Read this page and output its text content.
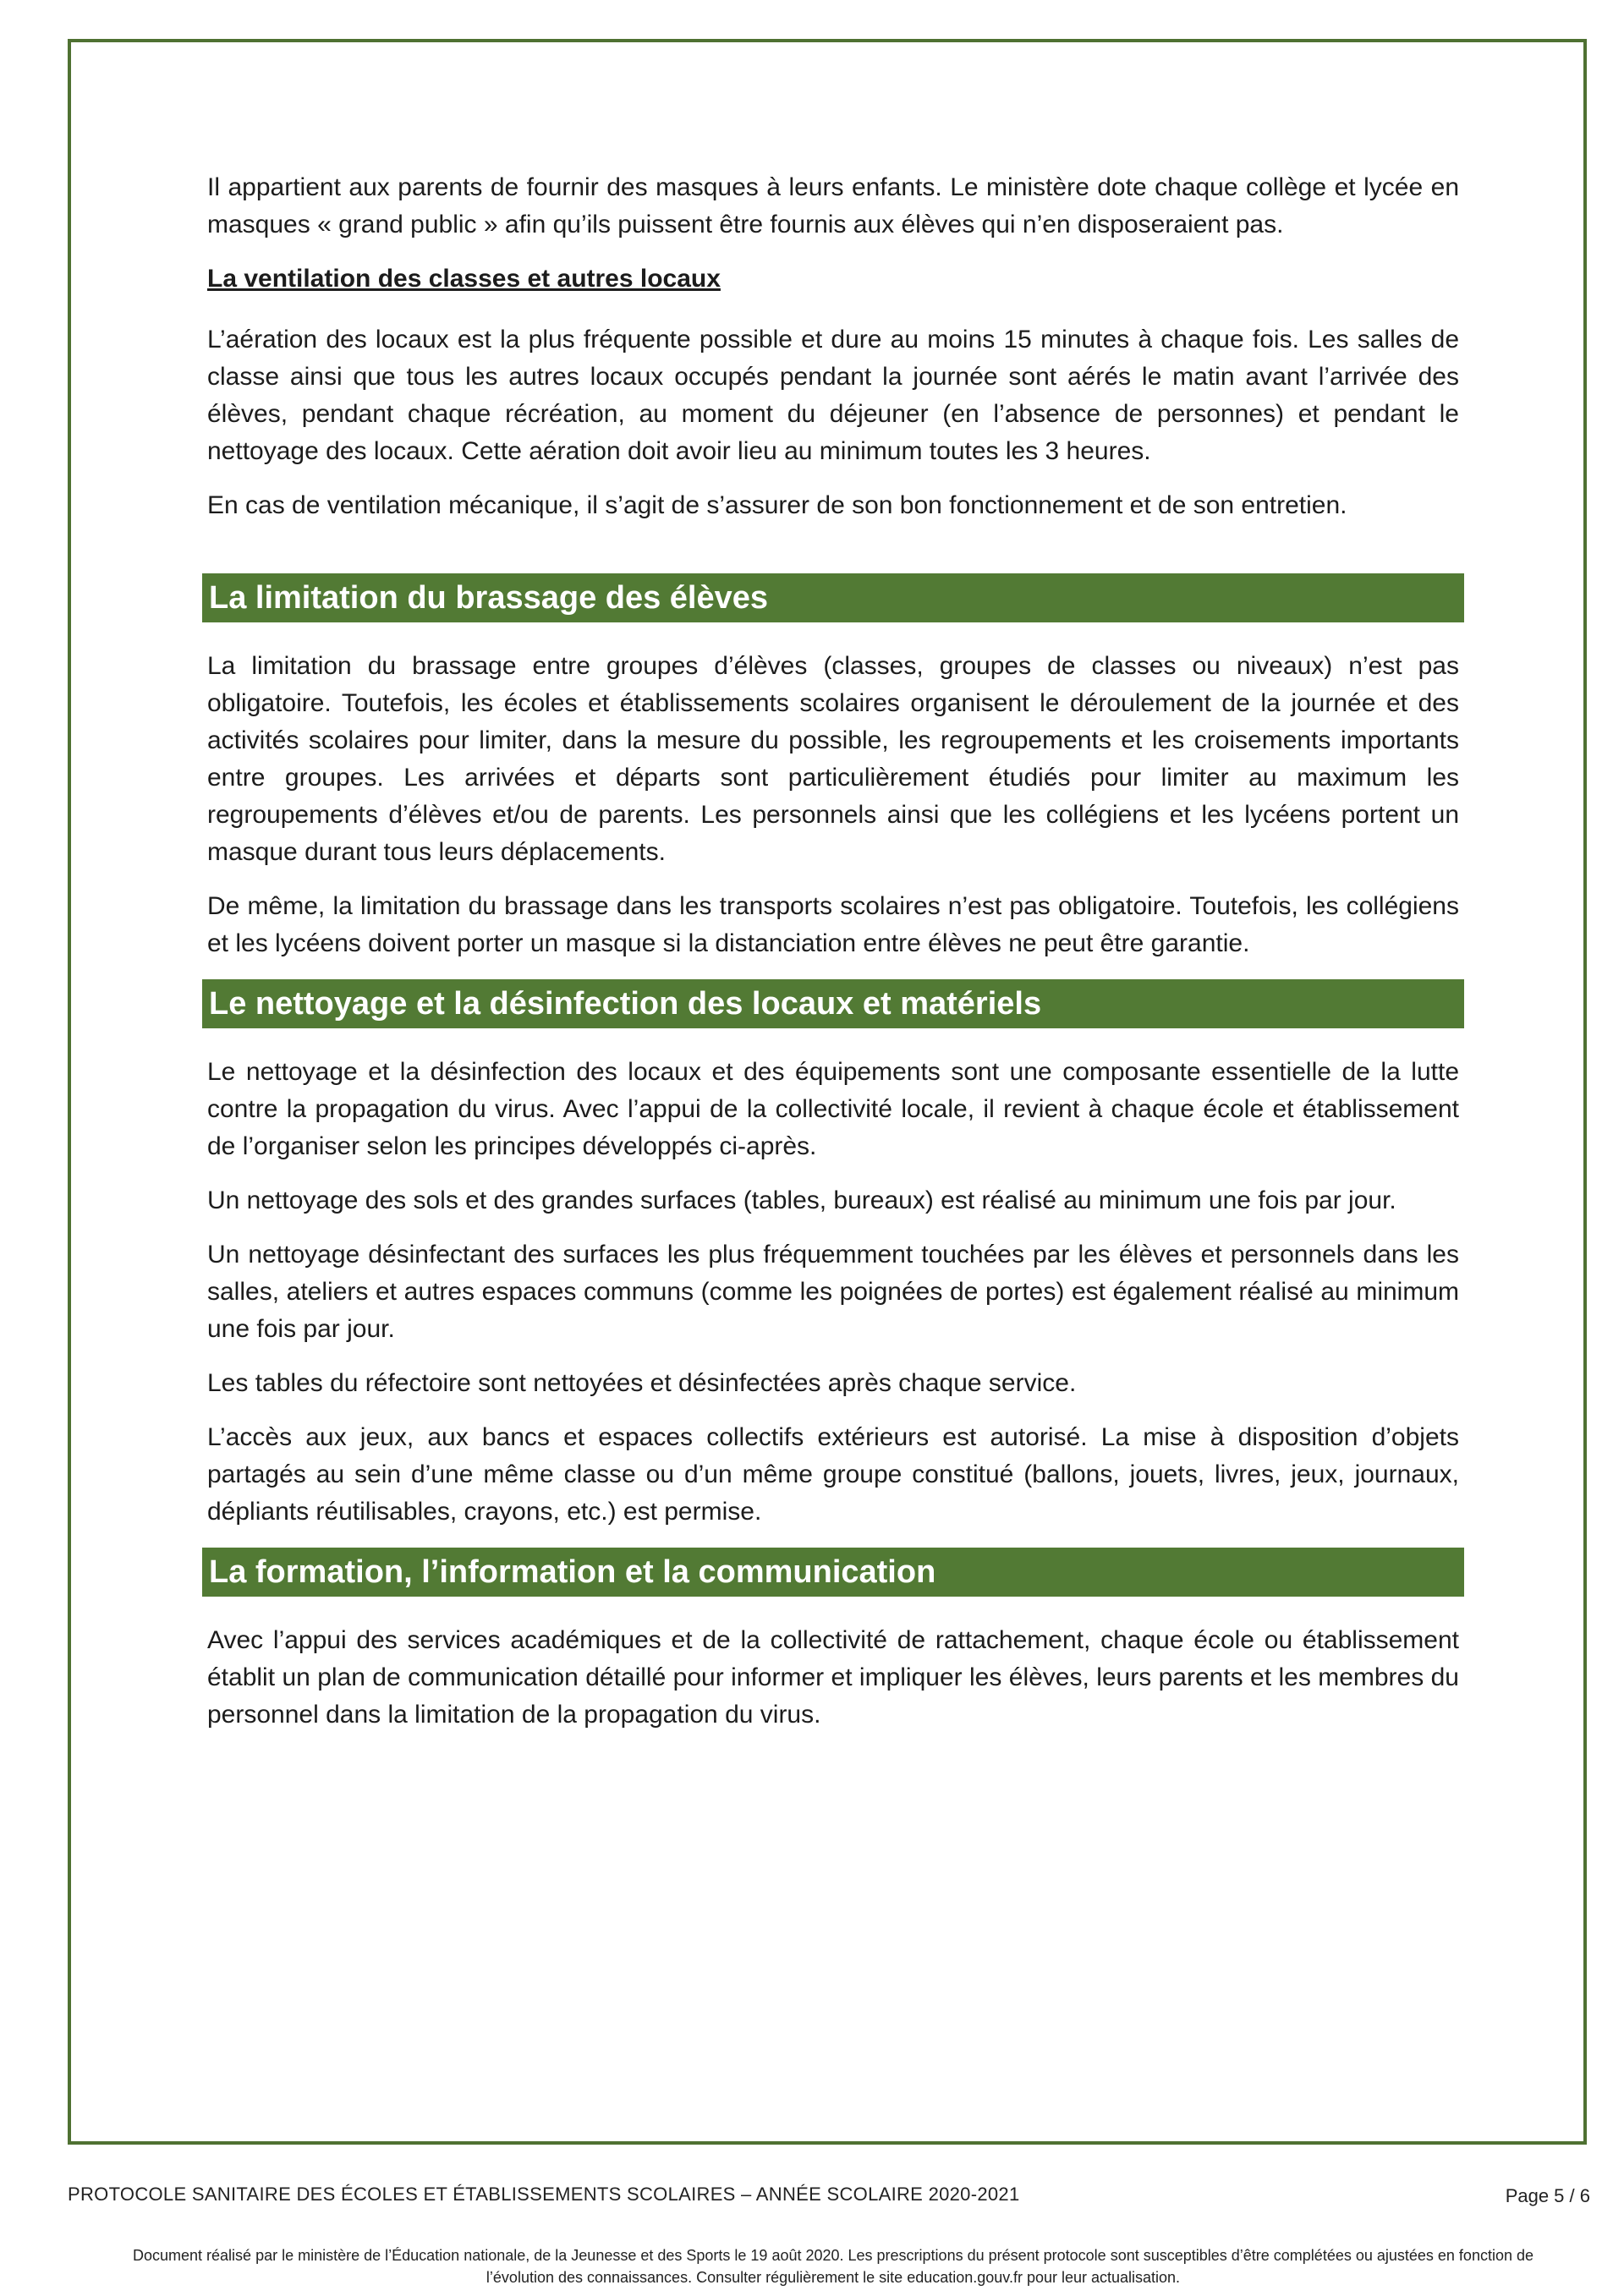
Il appartient aux parents de fournir des masques à leurs enfants. Le ministère dote chaque collège et lycée en masques « grand public » afin qu’ils puissent être fournis aux élèves qui n’en disposeraient pas.

La ventilation des classes et autres locaux

L’aération des locaux est la plus fréquente possible et dure au moins 15 minutes à chaque fois. Les salles de classe ainsi que tous les autres locaux occupés pendant la journée sont aérés le matin avant l’arrivée des élèves, pendant chaque récréation, au moment du déjeuner (en l’absence de personnes) et pendant le nettoyage des locaux. Cette aération doit avoir lieu au minimum toutes les 3 heures.

En cas de ventilation mécanique, il s’agit de s’assurer de son bon fonctionnement et de son entretien.

La limitation du brassage des élèves

La limitation du brassage entre groupes d’élèves (classes, groupes de classes ou niveaux) n’est pas obligatoire. Toutefois, les écoles et établissements scolaires organisent le déroulement de la journée et des activités scolaires pour limiter, dans la mesure du possible, les regroupements et les croisements importants entre groupes. Les arrivées et départs sont particulièrement étudiés pour limiter au maximum les regroupements d’élèves et/ou de parents. Les personnels ainsi que les collégiens et les lycéens portent un masque durant tous leurs déplacements.

De même, la limitation du brassage dans les transports scolaires n’est pas obligatoire. Toutefois, les collégiens et les lycéens doivent porter un masque si la distanciation entre élèves ne peut être garantie.

Le nettoyage et la désinfection des locaux et matériels

Le nettoyage et la désinfection des locaux et des équipements sont une composante essentielle de la lutte contre la propagation du virus. Avec l’appui de la collectivité locale, il revient à chaque école et établissement de l’organiser selon les principes développés ci-après.

Un nettoyage des sols et des grandes surfaces (tables, bureaux) est réalisé au minimum une fois par jour.

Un nettoyage désinfectant des surfaces les plus fréquemment touchées par les élèves et personnels dans les salles, ateliers et autres espaces communs (comme les poignées de portes) est également réalisé au minimum une fois par jour.

Les tables du réfectoire sont nettoyées et désinfectées après chaque service.

L’accès aux jeux, aux bancs et espaces collectifs extérieurs est autorisé. La mise à disposition d’objets partagés au sein d’une même classe ou d’un même groupe constitué (ballons, jouets, livres, jeux, journaux, dépliants réutilisables, crayons, etc.) est permise.

La formation, l’information et la communication

Avec l’appui des services académiques et de la collectivité de rattachement, chaque école ou établissement établit un plan de communication détaillé pour informer et impliquer les élèves, leurs parents et les membres du personnel dans la limitation de la propagation du virus.

PROTOCOLE SANITAIRE DES ÉCOLES ET ÉTABLISSEMENTS SCOLAIRES – ANNÉE SCOLAIRE 2020-2021	Page 5 / 6
Document réalisé par le ministère de l’Éducation nationale, de la Jeunesse et des Sports le 19 août 2020. Les prescriptions du présent protocole sont susceptibles d’être complétées ou ajustées en fonction de l’évolution des connaissances. Consulter régulièrement le site education.gouv.fr pour leur actualisation.
